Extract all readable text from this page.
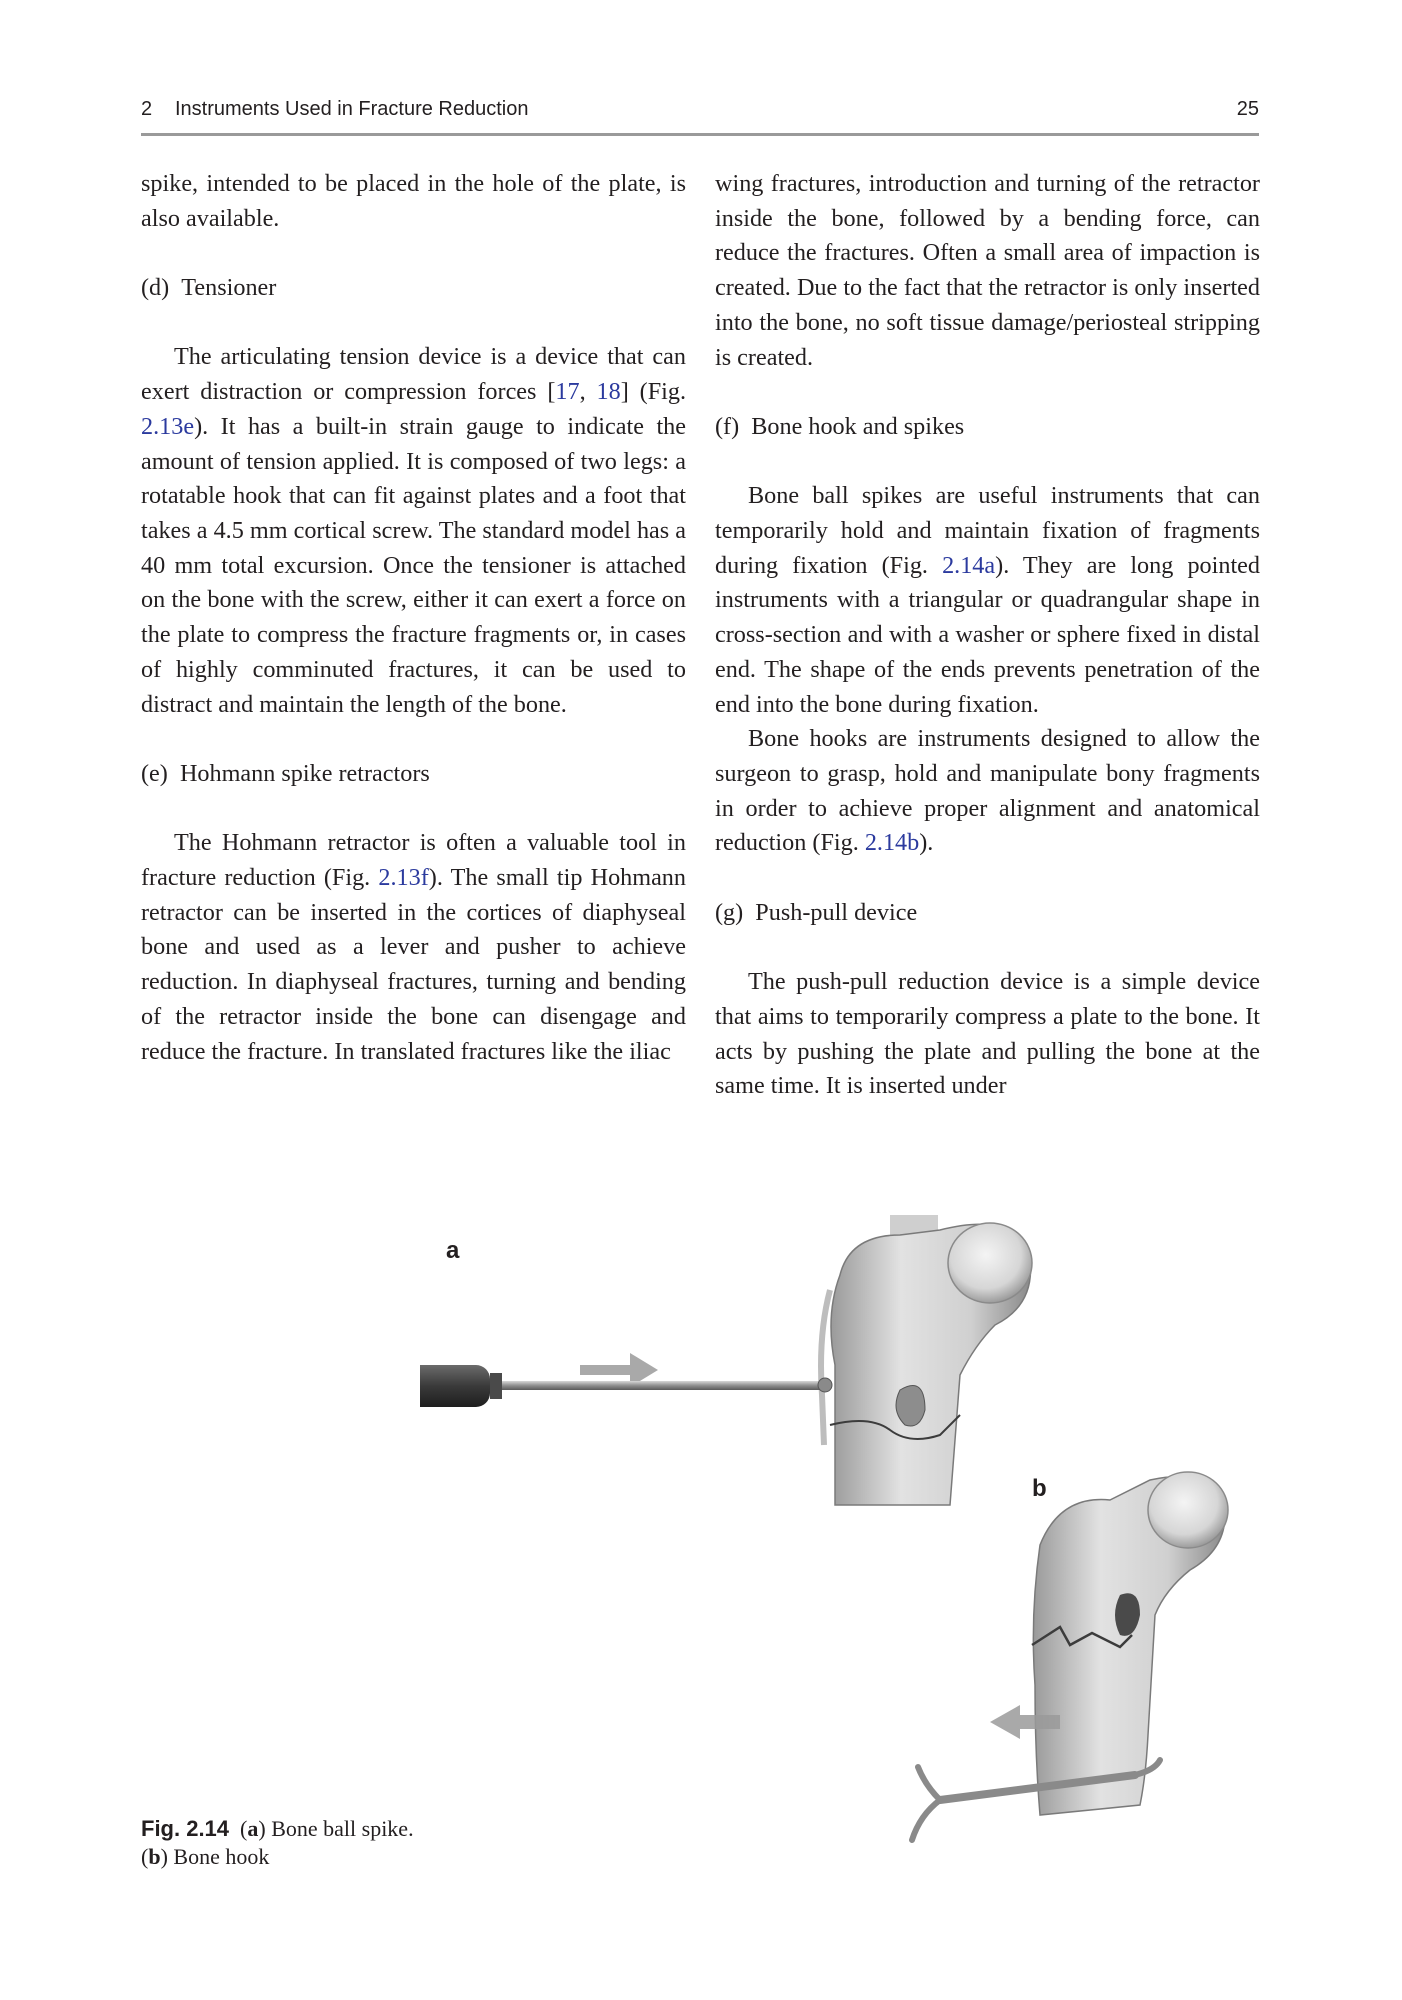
2 Instruments Used in Fracture Reduction	25

spike, intended to be placed in the hole of the plate, is also available.

(d) Tensioner

The articulating tension device is a device that can exert distraction or compression forces [17, 18] (Fig. 2.13e). It has a built-in strain gauge to indicate the amount of tension applied. It is composed of two legs: a rotatable hook that can fit against plates and a foot that takes a 4.5 mm cortical screw. The standard model has a 40 mm total excursion. Once the tensioner is attached on the bone with the screw, either it can exert a force on the plate to compress the fracture fragments or, in cases of highly comminuted fractures, it can be used to distract and maintain the length of the bone.

(e) Hohmann spike retractors

The Hohmann retractor is often a valuable tool in fracture reduction (Fig. 2.13f). The small tip Hohmann retractor can be inserted in the cortices of diaphyseal bone and used as a lever and pusher to achieve reduction. In diaphyseal fractures, turning and bending of the retractor inside the bone can disengage and reduce the fracture. In translated fractures like the iliac

wing fractures, introduction and turning of the retractor inside the bone, followed by a bending force, can reduce the fractures. Often a small area of impaction is created. Due to the fact that the retractor is only inserted into the bone, no soft tissue damage/periosteal stripping is created.

(f) Bone hook and spikes

Bone ball spikes are useful instruments that can temporarily hold and maintain fixation of fragments during fixation (Fig. 2.14a). They are long pointed instruments with a triangular or quadrangular shape in cross-section and with a washer or sphere fixed in distal end. The shape of the ends prevents penetration of the end into the bone during fixation.

Bone hooks are instruments designed to allow the surgeon to grasp, hold and manipulate bony fragments in order to achieve proper alignment and anatomical reduction (Fig. 2.14b).

(g) Push-pull device

The push-pull reduction device is a simple device that aims to temporarily compress a plate to the bone. It acts by pushing the plate and pulling the bone at the same time. It is inserted under

a
b
Fig. 2.14  (a) Bone ball spike. (b) Bone hook
